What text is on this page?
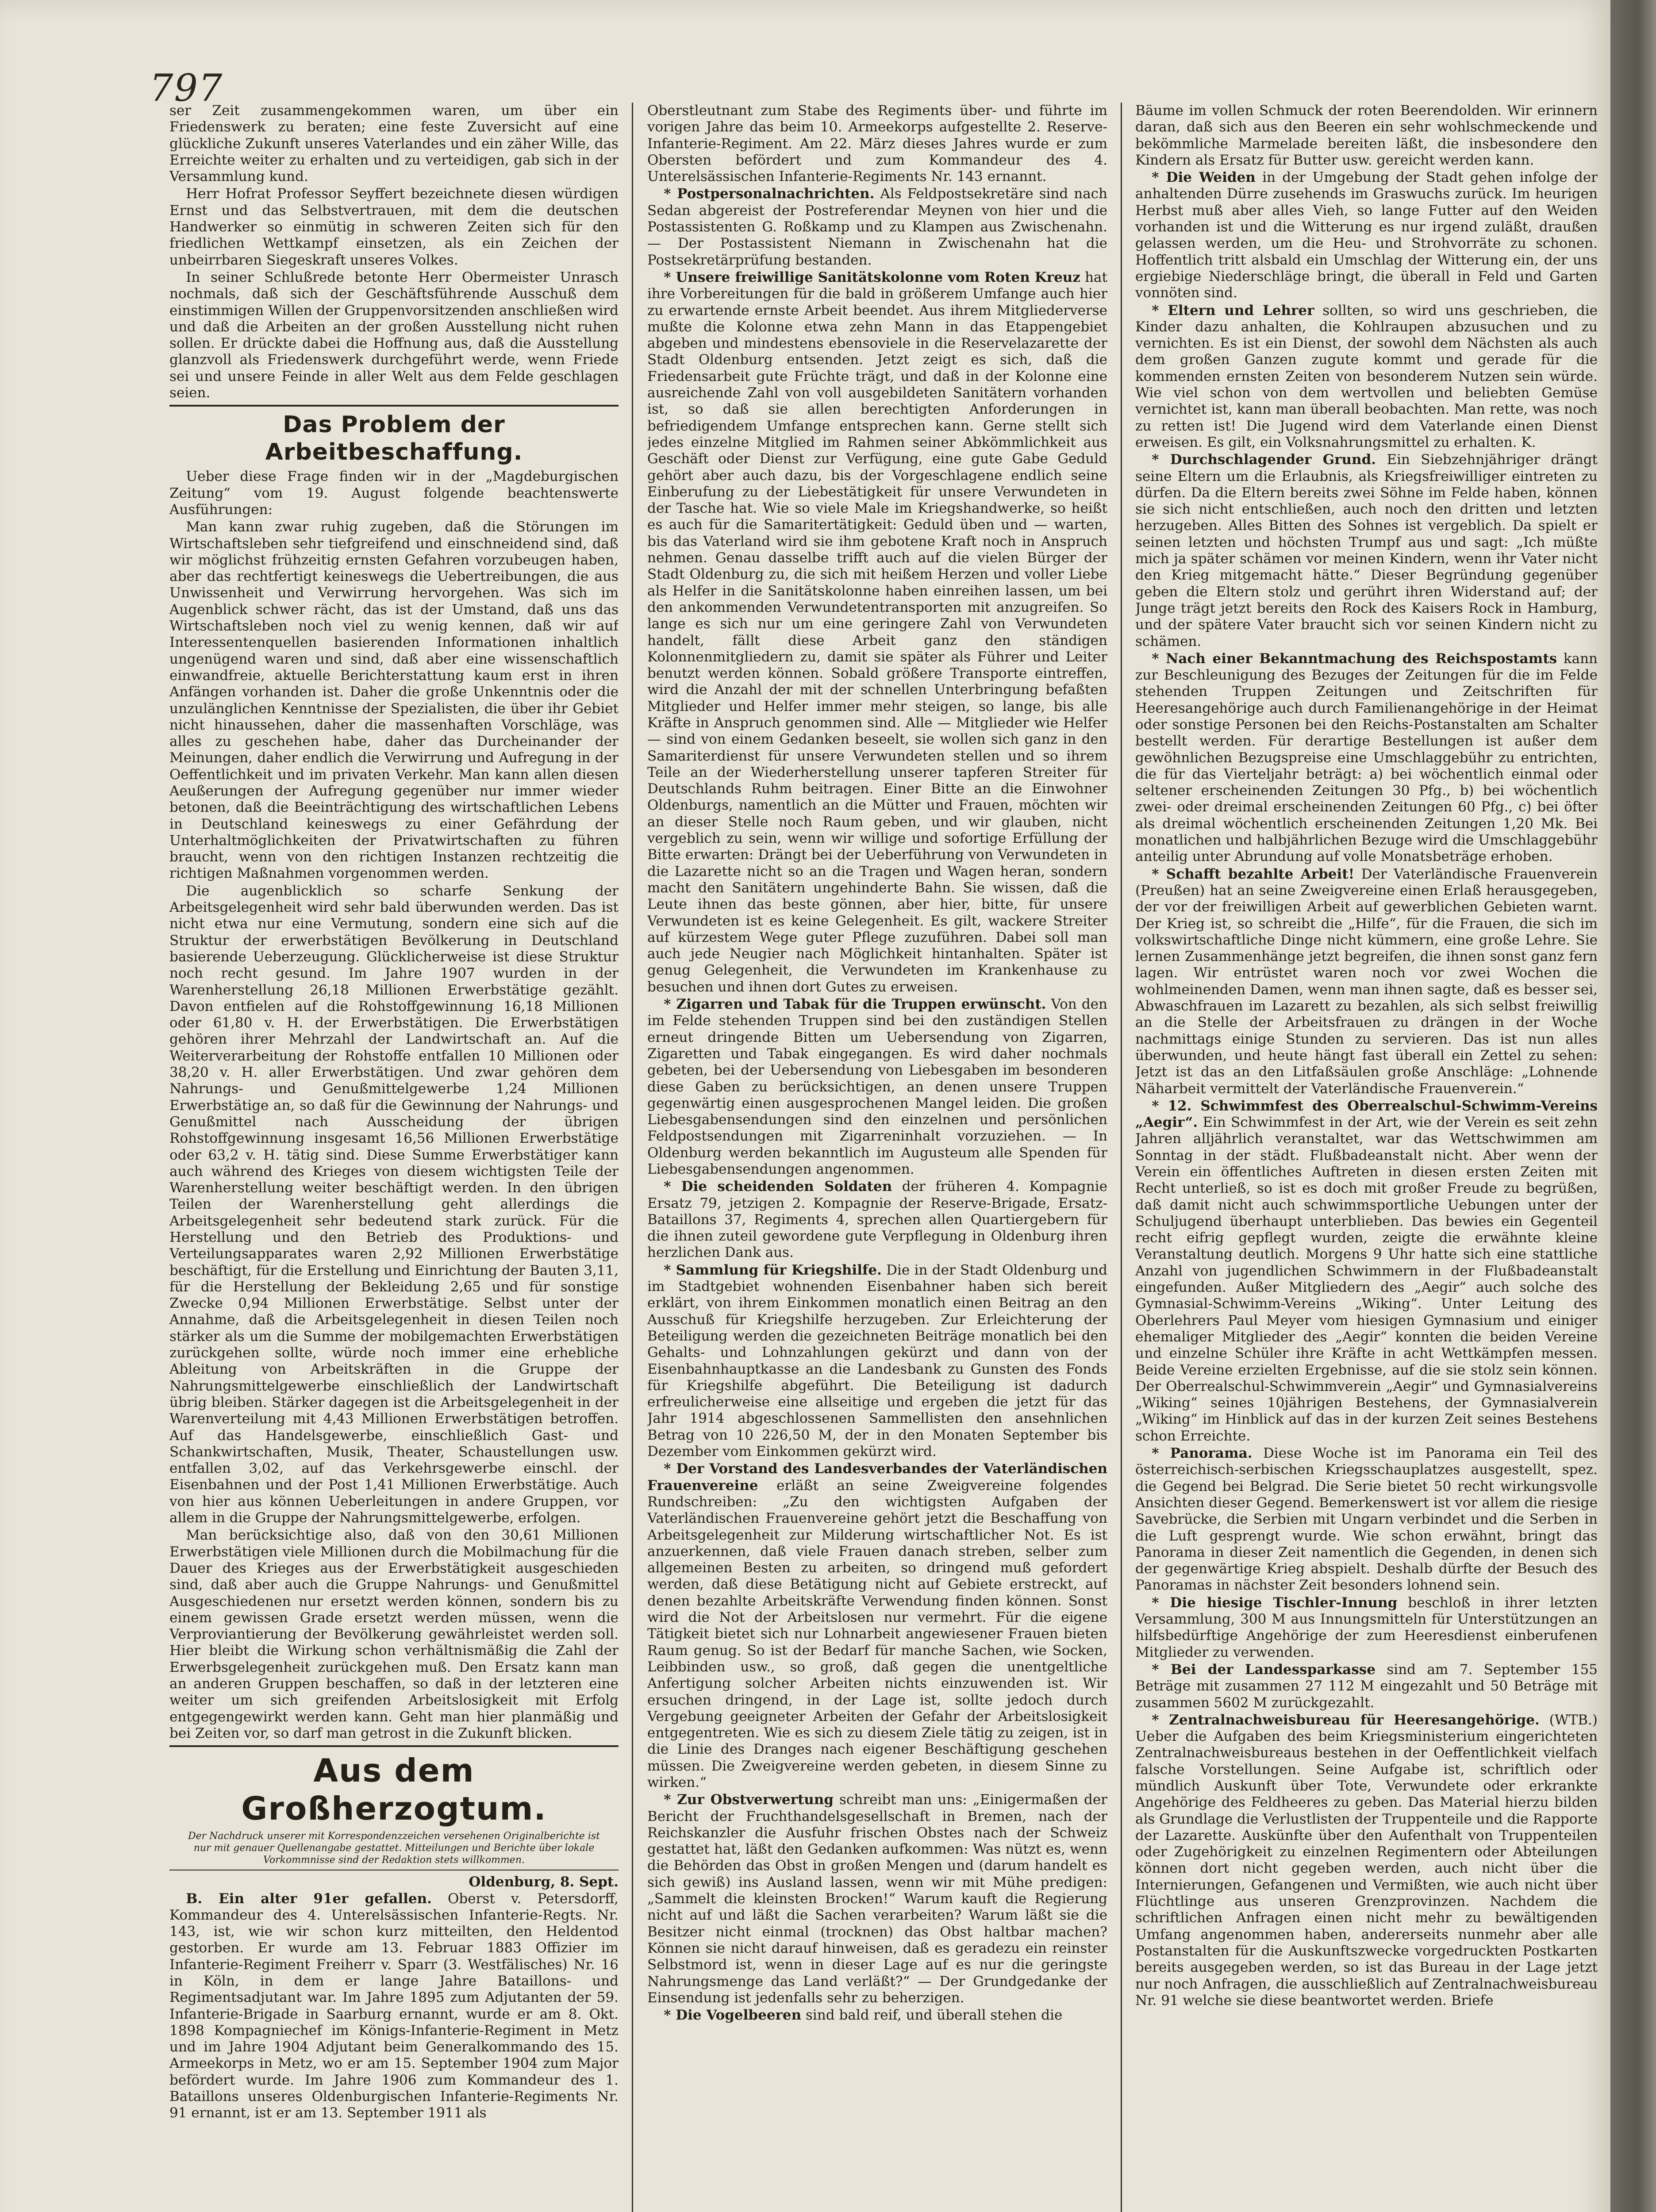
797

ser Zeit zusammengekommen waren, um über ein Friedenswerk zu beraten; eine feste Zuversicht auf eine glückliche Zukunft unseres Vaterlandes und ein zäher Wille, das Erreichte weiter zu erhalten und zu verteidigen, gab sich in der Versammlung kund.

Herr Hofrat Professor Seyffert bezeichnete diesen würdigen Ernst und das Selbstvertrauen, mit dem die deutschen Handwerker so einmütig in schweren Zeiten sich für den friedlichen Wettkampf einsetzen, als ein Zeichen der unbeirrbaren Siegeskraft unseres Volkes.

In seiner Schlußrede betonte Herr Obermeister Unrasch nochmals, daß sich der Geschäftsführende Ausschuß dem einstimmigen Willen der Gruppenvorsitzenden anschließen wird und daß die Arbeiten an der großen Ausstellung nicht ruhen sollen. Er drückte dabei die Hoffnung aus, daß die Ausstellung glanzvoll als Friedenswerk durchgeführt werde, wenn Friede sei und unsere Feinde in aller Welt aus dem Felde geschlagen seien.

Das Problem der Arbeitbeschaffung.

Ueber diese Frage finden wir in der „Magdeburgischen Zeitung“ vom 19. August folgende beachtenswerte Ausführungen:

Man kann zwar ruhig zugeben, daß die Störungen im Wirtschaftsleben sehr tiefgreifend und einschneidend sind, daß wir möglichst frühzeitig ernsten Gefahren vorzubeugen haben, aber das rechtfertigt keineswegs die Uebertreibungen, die aus Unwissenheit und Verwirrung hervorgehen. Was sich im Augenblick schwer rächt, das ist der Umstand, daß uns das Wirtschaftsleben noch viel zu wenig kennen, daß wir auf Interessentenquellen basierenden Informationen inhaltlich ungenügend waren und sind, daß aber eine wissenschaftlich einwandfreie, aktuelle Berichterstattung kaum erst in ihren Anfängen vorhanden ist. Daher die große Unkenntnis oder die unzulänglichen Kenntnisse der Spezialisten, die über ihr Gebiet nicht hinaussehen, daher die massenhaften Vorschläge, was alles zu geschehen habe, daher das Durcheinander der Meinungen, daher endlich die Verwirrung und Aufregung in der Oeffentlichkeit und im privaten Verkehr. Man kann allen diesen Aeußerungen der Aufregung gegenüber nur immer wieder betonen, daß die Beeinträchtigung des wirtschaftlichen Lebens in Deutschland keineswegs zu einer Gefährdung der Unterhaltmöglichkeiten der Privatwirtschaften zu führen braucht, wenn von den richtigen Instanzen rechtzeitig die richtigen Maßnahmen vorgenommen werden.

Die augenblicklich so scharfe Senkung der Arbeitsgelegenheit wird sehr bald überwunden werden. Das ist nicht etwa nur eine Vermutung, sondern eine sich auf die Struktur der erwerbstätigen Bevölkerung in Deutschland basierende Ueberzeugung. Glücklicherweise ist diese Struktur noch recht gesund. Im Jahre 1907 wurden in der Warenherstellung 26,18 Millionen Erwerbstätige gezählt. Davon entfielen auf die Rohstoffgewinnung 16,18 Millionen oder 61,80 v. H. der Erwerbstätigen. Die Erwerbstätigen gehören ihrer Mehrzahl der Landwirtschaft an. Auf die Weiterverarbeitung der Rohstoffe entfallen 10 Millionen oder 38,20 v. H. aller Erwerbstätigen. Und zwar gehören dem Nahrungs- und Genußmittelgewerbe 1,24 Millionen Erwerbstätige an, so daß für die Gewinnung der Nahrungs- und Genußmittel nach Ausscheidung der übrigen Rohstoffgewinnung insgesamt 16,56 Millionen Erwerbstätige oder 63,2 v. H. tätig sind. Diese Summe Erwerbstätiger kann auch während des Krieges von diesem wichtigsten Teile der Warenherstellung weiter beschäftigt werden. In den übrigen Teilen der Warenherstellung geht allerdings die Arbeitsgelegenheit sehr bedeutend stark zurück. Für die Herstellung und den Betrieb des Produktions- und Verteilungsapparates waren 2,92 Millionen Erwerbstätige beschäftigt, für die Erstellung und Einrichtung der Bauten 3,11, für die Herstellung der Bekleidung 2,65 und für sonstige Zwecke 0,94 Millionen Erwerbstätige. Selbst unter der Annahme, daß die Arbeitsgelegenheit in diesen Teilen noch stärker als um die Summe der mobilgemachten Erwerbstätigen zurückgehen sollte, würde noch immer eine erhebliche Ableitung von Arbeitskräften in die Gruppe der Nahrungsmittelgewerbe einschließlich der Landwirtschaft übrig bleiben. Stärker dagegen ist die Arbeitsgelegenheit in der Warenverteilung mit 4,43 Millionen Erwerbstätigen betroffen. Auf das Handelsgewerbe, einschließlich Gast- und Schankwirtschaften, Musik, Theater, Schaustellungen usw. entfallen 3,02, auf das Verkehrsgewerbe einschl. der Eisenbahnen und der Post 1,41 Millionen Erwerbstätige. Auch von hier aus können Ueberleitungen in andere Gruppen, vor allem in die Gruppe der Nahrungsmittelgewerbe, erfolgen.

Man berücksichtige also, daß von den 30,61 Millionen Erwerbstätigen viele Millionen durch die Mobilmachung für die Dauer des Krieges aus der Erwerbstätigkeit ausgeschieden sind, daß aber auch die Gruppe Nahrungs- und Genußmittel Ausgeschiedenen nur ersetzt werden können, sondern bis zu einem gewissen Grade ersetzt werden müssen, wenn die Verproviantierung der Bevölkerung gewährleistet werden soll. Hier bleibt die Wirkung schon verhältnismäßig die Zahl der Erwerbsgelegenheit zurückgehen muß. Den Ersatz kann man an anderen Gruppen beschaffen, so daß in der letzteren eine weiter um sich greifenden Arbeitslosigkeit mit Erfolg entgegengewirkt werden kann. Geht man hier planmäßig und bei Zeiten vor, so darf man getrost in die Zukunft blicken.

Aus dem Großherzogtum.
Der Nachdruck unserer mit Korrespondenzzeichen versehenen Originalberichte ist nur mit genauer Quellenangabe gestattet. Mitteilungen und Berichte über lokale Vorkommnisse sind der Redaktion stets willkommen.
Oldenburg, 8. Sept.

B. Ein alter 91er gefallen. Oberst v. Petersdorff, Kommandeur des 4. Unterelsässischen Infanterie-Regts. Nr. 143, ist, wie wir schon kurz mitteilten, den Heldentod gestorben. Er wurde am 13. Februar 1883 Offizier im Infanterie-Regiment Freiherr v. Sparr (3. Westfälisches) Nr. 16 in Köln, in dem er lange Jahre Bataillons- und Regimentsadjutant war. Im Jahre 1895 zum Adjutanten der 59. Infanterie-Brigade in Saarburg ernannt, wurde er am 8. Okt. 1898 Kompagniechef im Königs-Infanterie-Regiment in Metz und im Jahre 1904 Adjutant beim Generalkommando des 15. Armeekorps in Metz, wo er am 15. September 1904 zum Major befördert wurde. Im Jahre 1906 zum Kommandeur des 1. Bataillons unseres Oldenburgischen Infanterie-Regiments Nr. 91 ernannt, ist er am 13. September 1911 als

Oberstleutnant zum Stabe des Regiments über- und führte im vorigen Jahre das beim 10. Armeekorps aufgestellte 2. Reserve-Infanterie-Regiment. Am 22. März dieses Jahres wurde er zum Obersten befördert und zum Kommandeur des 4. Unterelsässischen Infanterie-Regiments Nr. 143 ernannt.

* Postpersonalnachrichten. Als Feldpostsekretäre sind nach Sedan abgereist der Postreferendar Meynen von hier und die Postassistenten G. Roßkamp und zu Klampen aus Zwischenahn. — Der Postassistent Niemann in Zwischenahn hat die Postsekretärprüfung bestanden.

* Unsere freiwillige Sanitätskolonne vom Roten Kreuz hat ihre Vorbereitungen für die bald in größerem Umfange auch hier zu erwartende ernste Arbeit beendet. Aus ihrem Mitgliederverse mußte die Kolonne etwa zehn Mann in das Etappengebiet abgeben und mindestens ebensoviele in die Reservelazarette der Stadt Oldenburg entsenden. Jetzt zeigt es sich, daß die Friedensarbeit gute Früchte trägt, und daß in der Kolonne eine ausreichende Zahl von voll ausgebildeten Sanitätern vorhanden ist, so daß sie allen berechtigten Anforderungen in befriedigendem Umfange entsprechen kann. Gerne stellt sich jedes einzelne Mitglied im Rahmen seiner Abkömmlichkeit aus Geschäft oder Dienst zur Verfügung, eine gute Gabe Geduld gehört aber auch dazu, bis der Vorgeschlagene endlich seine Einberufung zu der Liebestätigkeit für unsere Verwundeten in der Tasche hat. Wie so viele Male im Kriegshandwerke, so heißt es auch für die Samaritertätigkeit: Geduld üben und — warten, bis das Vaterland wird sie ihm gebotene Kraft noch in Anspruch nehmen. Genau dasselbe trifft auch auf die vielen Bürger der Stadt Oldenburg zu, die sich mit heißem Herzen und voller Liebe als Helfer in die Sanitätskolonne haben einreihen lassen, um bei den ankommenden Verwundetentransporten mit anzugreifen. So lange es sich nur um eine geringere Zahl von Verwundeten handelt, fällt diese Arbeit ganz den ständigen Kolonnenmitgliedern zu, damit sie später als Führer und Leiter benutzt werden können. Sobald größere Transporte eintreffen, wird die Anzahl der mit der schnellen Unterbringung befaßten Mitglieder und Helfer immer mehr steigen, so lange, bis alle Kräfte in Anspruch genommen sind. Alle — Mitglieder wie Helfer — sind von einem Gedanken beseelt, sie wollen sich ganz in den Samariterdienst für unsere Verwundeten stellen und so ihrem Teile an der Wiederherstellung unserer tapferen Streiter für Deutschlands Ruhm beitragen. Einer Bitte an die Einwohner Oldenburgs, namentlich an die Mütter und Frauen, möchten wir an dieser Stelle noch Raum geben, und wir glauben, nicht vergeblich zu sein, wenn wir willige und sofortige Erfüllung der Bitte erwarten: Drängt bei der Ueberführung von Verwundeten in die Lazarette nicht so an die Tragen und Wagen heran, sondern macht den Sanitätern ungehinderte Bahn. Sie wissen, daß die Leute ihnen das beste gönnen, aber hier, bitte, für unsere Verwundeten ist es keine Gelegenheit. Es gilt, wackere Streiter auf kürzestem Wege guter Pflege zuzuführen. Dabei soll man auch jede Neugier nach Möglichkeit hintanhalten. Später ist genug Gelegenheit, die Verwundeten im Krankenhause zu besuchen und ihnen dort Gutes zu erweisen.

* Zigarren und Tabak für die Truppen erwünscht. Von den im Felde stehenden Truppen sind bei den zuständigen Stellen erneut dringende Bitten um Uebersendung von Zigarren, Zigaretten und Tabak eingegangen. Es wird daher nochmals gebeten, bei der Uebersendung von Liebesgaben im besonderen diese Gaben zu berücksichtigen, an denen unsere Truppen gegenwärtig einen ausgesprochenen Mangel leiden. Die großen Liebesgabensendungen sind den einzelnen und persönlichen Feldpostsendungen mit Zigarreninhalt vorzuziehen. — In Oldenburg werden bekanntlich im Augusteum alle Spenden für Liebesgabensendungen angenommen.

* Die scheidenden Soldaten der früheren 4. Kompagnie Ersatz 79, jetzigen 2. Kompagnie der Reserve-Brigade, Ersatz-Bataillons 37, Regiments 4, sprechen allen Quartiergebern für die ihnen zuteil gewordene gute Verpflegung in Oldenburg ihren herzlichen Dank aus.

* Sammlung für Kriegshilfe. Die in der Stadt Oldenburg und im Stadtgebiet wohnenden Eisenbahner haben sich bereit erklärt, von ihrem Einkommen monatlich einen Beitrag an den Ausschuß für Kriegshilfe herzugeben. Zur Erleichterung der Beteiligung werden die gezeichneten Beiträge monatlich bei den Gehalts- und Lohnzahlungen gekürzt und dann von der Eisenbahnhauptkasse an die Landesbank zu Gunsten des Fonds für Kriegshilfe abgeführt. Die Beteiligung ist dadurch erfreulicherweise eine allseitige und ergeben die jetzt für das Jahr 1914 abgeschlossenen Sammellisten den ansehnlichen Betrag von 10 226,50 M, der in den Monaten September bis Dezember vom Einkommen gekürzt wird.

* Der Vorstand des Landesverbandes der Vaterländischen Frauenvereine erläßt an seine Zweigvereine folgendes Rundschreiben: „Zu den wichtigsten Aufgaben der Vaterländischen Frauenvereine gehört jetzt die Beschaffung von Arbeitsgelegenheit zur Milderung wirtschaftlicher Not. Es ist anzuerkennen, daß viele Frauen danach streben, selber zum allgemeinen Besten zu arbeiten, so dringend muß gefordert werden, daß diese Betätigung nicht auf Gebiete erstreckt, auf denen bezahlte Arbeitskräfte Verwendung finden können. Sonst wird die Not der Arbeitslosen nur vermehrt. Für die eigene Tätigkeit bietet sich nur Lohnarbeit angewiesener Frauen bieten Raum genug. So ist der Bedarf für manche Sachen, wie Socken, Leibbinden usw., so groß, daß gegen die unentgeltliche Anfertigung solcher Arbeiten nichts einzuwenden ist. Wir ersuchen dringend, in der Lage ist, sollte jedoch durch Vergebung geeigneter Arbeiten der Gefahr der Arbeitslosigkeit entgegentreten. Wie es sich zu diesem Ziele tätig zu zeigen, ist in die Linie des Dranges nach eigener Beschäftigung geschehen müssen. Die Zweigvereine werden gebeten, in diesem Sinne zu wirken.“

* Zur Obstverwertung schreibt man uns: „Einigermaßen der Bericht der Fruchthandelsgesellschaft in Bremen, nach der Reichskanzler die Ausfuhr frischen Obstes nach der Schweiz gestattet hat, läßt den Gedanken aufkommen: Was nützt es, wenn die Behörden das Obst in großen Mengen und (darum handelt es sich gewiß) ins Ausland lassen, wenn wir mit Mühe predigen: „Sammelt die kleinsten Brocken!“ Warum kauft die Regierung nicht auf und läßt die Sachen verarbeiten? Warum läßt sie die Besitzer nicht einmal (trocknen) das Obst haltbar machen? Können sie nicht darauf hinweisen, daß es geradezu ein reinster Selbstmord ist, wenn in dieser Lage auf es nur die geringste Nahrungsmenge das Land verläßt?“ — Der Grundgedanke der Einsendung ist jedenfalls sehr zu beherzigen.

* Die Vogelbeeren sind bald reif, und überall stehen die

Bäume im vollen Schmuck der roten Beerendolden. Wir erinnern daran, daß sich aus den Beeren ein sehr wohlschmeckende und bekömmliche Marmelade bereiten läßt, die insbesondere den Kindern als Ersatz für Butter usw. gereicht werden kann.

* Die Weiden in der Umgebung der Stadt gehen infolge der anhaltenden Dürre zusehends im Graswuchs zurück. Im heurigen Herbst muß aber alles Vieh, so lange Futter auf den Weiden vorhanden ist und die Witterung es nur irgend zuläßt, draußen gelassen werden, um die Heu- und Strohvorräte zu schonen. Hoffentlich tritt alsbald ein Umschlag der Witterung ein, der uns ergiebige Niederschläge bringt, die überall in Feld und Garten vonnöten sind.

* Eltern und Lehrer sollten, so wird uns geschrieben, die Kinder dazu anhalten, die Kohlraupen abzusuchen und zu vernichten. Es ist ein Dienst, der sowohl dem Nächsten als auch dem großen Ganzen zugute kommt und gerade für die kommenden ernsten Zeiten von besonderem Nutzen sein würde. Wie viel schon von dem wertvollen und beliebten Gemüse vernichtet ist, kann man überall beobachten. Man rette, was noch zu retten ist! Die Jugend wird dem Vaterlande einen Dienst erweisen. Es gilt, ein Volksnahrungsmittel zu erhalten. K.

* Durchschlagender Grund. Ein Siebzehnjähriger drängt seine Eltern um die Erlaubnis, als Kriegsfreiwilliger eintreten zu dürfen. Da die Eltern bereits zwei Söhne im Felde haben, können sie sich nicht entschließen, auch noch den dritten und letzten herzugeben. Alles Bitten des Sohnes ist vergeblich. Da spielt er seinen letzten und höchsten Trumpf aus und sagt: „Ich müßte mich ja später schämen vor meinen Kindern, wenn ihr Vater nicht den Krieg mitgemacht hätte.“ Dieser Begründung gegenüber geben die Eltern stolz und gerührt ihren Widerstand auf; der Junge trägt jetzt bereits den Rock des Kaisers Rock in Hamburg, und der spätere Vater braucht sich vor seinen Kindern nicht zu schämen.

* Nach einer Bekanntmachung des Reichspostamts kann zur Beschleunigung des Bezuges der Zeitungen für die im Felde stehenden Truppen Zeitungen und Zeitschriften für Heeresangehörige auch durch Familienangehörige in der Heimat oder sonstige Personen bei den Reichs-Postanstalten am Schalter bestellt werden. Für derartige Bestellungen ist außer dem gewöhnlichen Bezugspreise eine Umschlaggebühr zu entrichten, die für das Vierteljahr beträgt: a) bei wöchentlich einmal oder seltener erscheinenden Zeitungen 30 Pfg., b) bei wöchentlich zwei- oder dreimal erscheinenden Zeitungen 60 Pfg., c) bei öfter als dreimal wöchentlich erscheinenden Zeitungen 1,20 Mk. Bei monatlichen und halbjährlichen Bezuge wird die Umschlaggebühr anteilig unter Abrundung auf volle Monatsbeträge erhoben.

* Schafft bezahlte Arbeit! Der Vaterländische Frauenverein (Preußen) hat an seine Zweigvereine einen Erlaß herausgegeben, der vor der freiwilligen Arbeit auf gewerblichen Gebieten warnt. Der Krieg ist, so schreibt die „Hilfe“, für die Frauen, die sich im volkswirtschaftliche Dinge nicht kümmern, eine große Lehre. Sie lernen Zusammenhänge jetzt begreifen, die ihnen sonst ganz fern lagen. Wir entrüstet waren noch vor zwei Wochen die wohlmeinenden Damen, wenn man ihnen sagte, daß es besser sei, Abwaschfrauen im Lazarett zu bezahlen, als sich selbst freiwillig an die Stelle der Arbeitsfrauen zu drängen in der Woche nachmittags einige Stunden zu servieren. Das ist nun alles überwunden, und heute hängt fast überall ein Zettel zu sehen: Jetzt ist das an den Litfaßsäulen große Anschläge: „Lohnende Näharbeit vermittelt der Vaterländische Frauenverein.“

* 12. Schwimmfest des Oberrealschul-Schwimm-Vereins „Aegir“. Ein Schwimmfest in der Art, wie der Verein es seit zehn Jahren alljährlich veranstaltet, war das Wettschwimmen am Sonntag in der städt. Flußbadeanstalt nicht. Aber wenn der Verein ein öffentliches Auftreten in diesen ersten Zeiten mit Recht unterließ, so ist es doch mit großer Freude zu begrüßen, daß damit nicht auch schwimmsportliche Uebungen unter der Schuljugend überhaupt unterblieben. Das bewies ein Gegenteil recht eifrig gepflegt wurden, zeigte die erwähnte kleine Veranstaltung deutlich. Morgens 9 Uhr hatte sich eine stattliche Anzahl von jugendlichen Schwimmern in der Flußbadeanstalt eingefunden. Außer Mitgliedern des „Aegir“ auch solche des Gymnasial-Schwimm-Vereins „Wiking“. Unter Leitung des Oberlehrers Paul Meyer vom hiesigen Gymnasium und einiger ehemaliger Mitglieder des „Aegir“ konnten die beiden Vereine und einzelne Schüler ihre Kräfte in acht Wettkämpfen messen. Beide Vereine erzielten Ergebnisse, auf die sie stolz sein können. Der Oberrealschul-Schwimmverein „Aegir“ und Gymnasialvereins „Wiking“ seines 10jährigen Bestehens, der Gymnasialverein „Wiking“ im Hinblick auf das in der kurzen Zeit seines Bestehens schon Erreichte.

* Panorama. Diese Woche ist im Panorama ein Teil des österreichisch-serbischen Kriegsschauplatzes ausgestellt, spez. die Gegend bei Belgrad. Die Serie bietet 50 recht wirkungsvolle Ansichten dieser Gegend. Bemerkenswert ist vor allem die riesige Savebrücke, die Serbien mit Ungarn verbindet und die Serben in die Luft gesprengt wurde. Wie schon erwähnt, bringt das Panorama in dieser Zeit namentlich die Gegenden, in denen sich der gegenwärtige Krieg abspielt. Deshalb dürfte der Besuch des Panoramas in nächster Zeit besonders lohnend sein.

* Die hiesige Tischler-Innung beschloß in ihrer letzten Versammlung, 300 M aus Innungsmitteln für Unterstützungen an hilfsbedürftige Angehörige der zum Heeresdienst einberufenen Mitglieder zu verwenden.

* Bei der Landessparkasse sind am 7. September 155 Beträge mit zusammen 27 112 M eingezahlt und 50 Beträge mit zusammen 5602 M zurückgezahlt.

* Zentralnachweisbureau für Heeresangehörige. (WTB.) Ueber die Aufgaben des beim Kriegsministerium eingerichteten Zentralnachweisbureaus bestehen in der Oeffentlichkeit vielfach falsche Vorstellungen. Seine Aufgabe ist, schriftlich oder mündlich Auskunft über Tote, Verwundete oder erkrankte Angehörige des Feldheeres zu geben. Das Material hierzu bilden als Grundlage die Verlustlisten der Truppenteile und die Rapporte der Lazarette. Auskünfte über den Aufenthalt von Truppenteilen oder Zugehörigkeit zu einzelnen Regimentern oder Abteilungen können dort nicht gegeben werden, auch nicht über die Internierungen, Gefangenen und Vermißten, wie auch nicht über Flüchtlinge aus unseren Grenzprovinzen. Nachdem die schriftlichen Anfragen einen nicht mehr zu bewältigenden Umfang angenommen haben, andererseits nunmehr aber alle Postanstalten für die Auskunftszwecke vorgedruckten Postkarten bereits ausgegeben werden, so ist das Bureau in der Lage jetzt nur noch Anfragen, die ausschließlich auf Zentralnachweisbureau Nr. 91 welche sie diese beantwortet werden. Briefe
